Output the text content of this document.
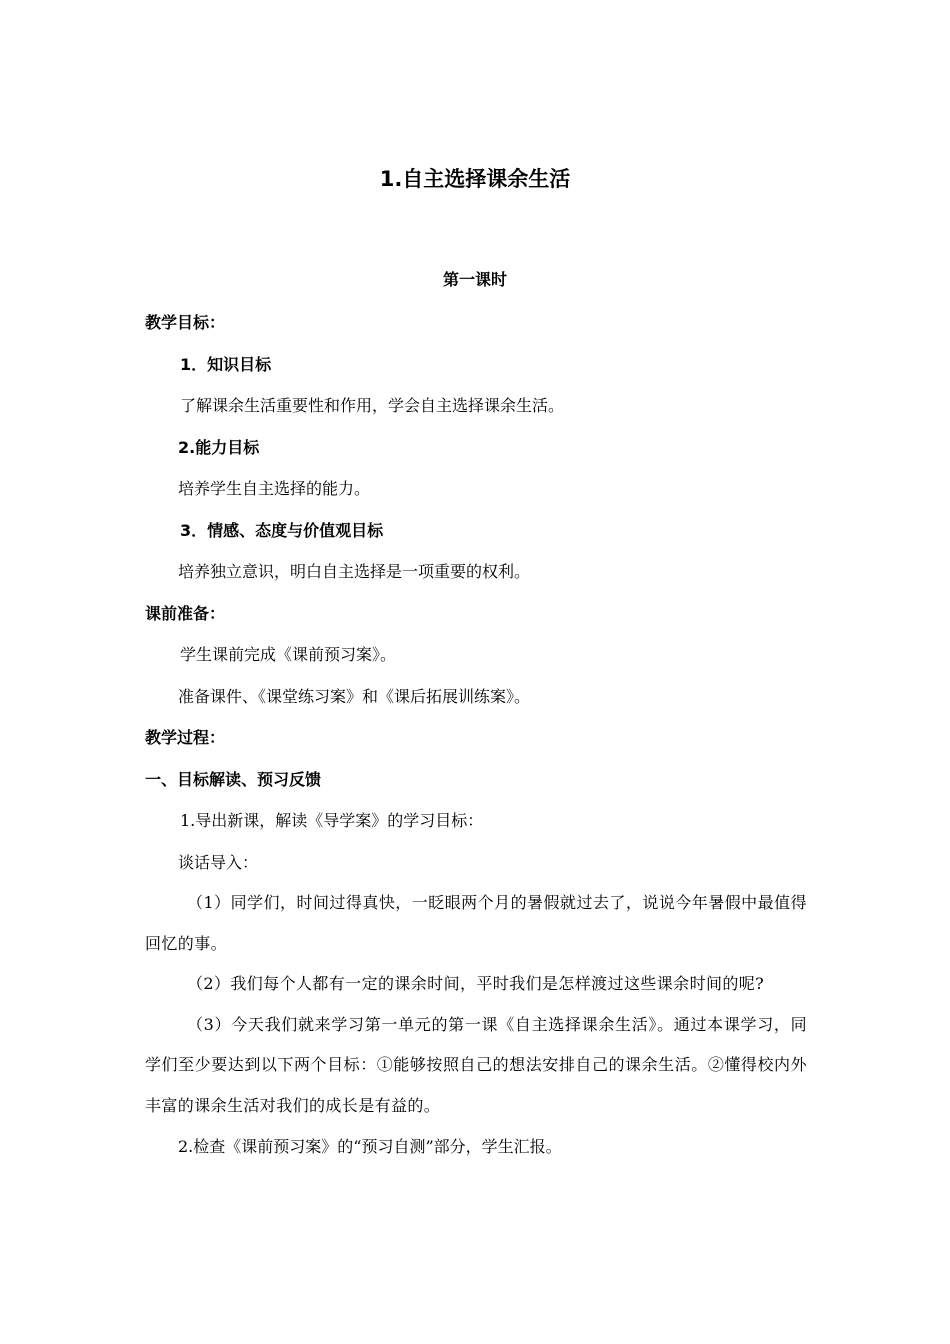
1.自主选择课余生活
第一课时

教学目标：

1．知识目标

了解课余生活重要性和作用，学会自主选择课余生活。

2.能力目标

培养学生自主选择的能力。

3．情感、态度与价值观目标

培养独立意识，明白自主选择是一项重要的权利。

课前准备：

学生课前完成《课前预习案》。

准备课件、《课堂练习案》和《课后拓展训练案》。

教学过程：

一、目标解读、预习反馈

1.导出新课，解读《导学案》的学习目标：

谈话导入：

（1）同学们，时间过得真快，一眨眼两个月的暑假就过去了，说说今年暑假中最值得回忆的事。

（2）我们每个人都有一定的课余时间，平时我们是怎样渡过这些课余时间的呢?

（3）今天我们就来学习第一单元的第一课《自主选择课余生活》。通过本课学习，同学们至少要达到以下两个目标：①能够按照自己的想法安排自己的课余生活。②懂得校内外丰富的课余生活对我们的成长是有益的。

2.检查《课前预习案》的“预习自测”部分，学生汇报。
